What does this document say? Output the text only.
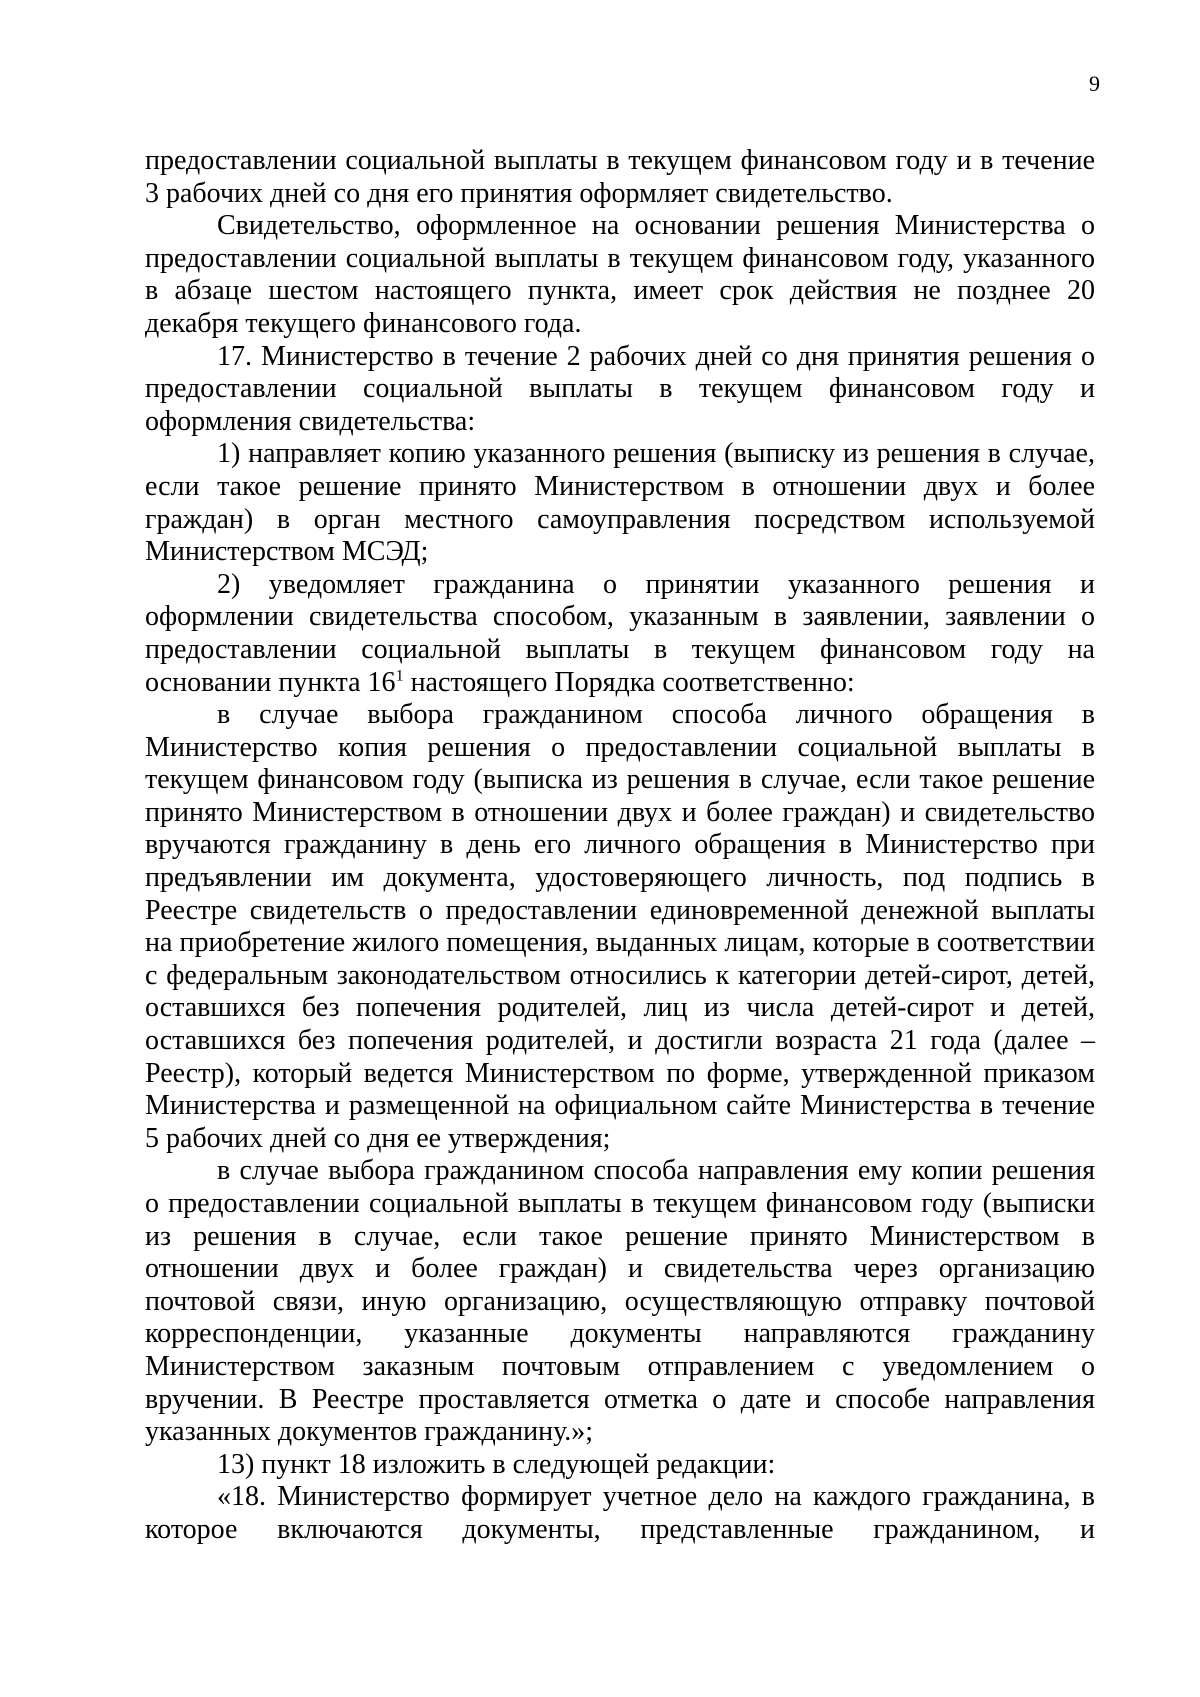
9

предоставлении социальной выплаты в текущем финансовом году и в течение 3 рабочих дней со дня его принятия оформляет свидетельство.

Свидетельство, оформленное на основании решения Министерства о предоставлении социальной выплаты в текущем финансовом году, указанного в абзаце шестом настоящего пункта, имеет срок действия не позднее 20 декабря текущего финансового года.

17. Министерство в течение 2 рабочих дней со дня принятия решения о предоставлении социальной выплаты в текущем финансовом году и оформления свидетельства:

1) направляет копию указанного решения (выписку из решения в случае, если такое решение принято Министерством в отношении двух и более граждан) в орган местного самоуправления посредством используемой Министерством МСЭД;

2) уведомляет гражданина о принятии указанного решения и оформлении свидетельства способом, указанным в заявлении, заявлении о предоставлении социальной выплаты в текущем финансовом году на основании пункта $16^1$ настоящего Порядка соответственно:

в случае выбора гражданином способа личного обращения в Министерство копия решения о предоставлении социальной выплаты в текущем финансовом году (выписка из решения в случае, если такое решение принято Министерством в отношении двух и более граждан) и свидетельство вручаются гражданину в день его личного обращения в Министерство при предъявлении им документа, удостоверяющего личность, под подпись в Реестре свидетельств о предоставлении единовременной денежной выплаты на приобретение жилого помещения, выданных лицам, которые в соответствии с федеральным законодательством относились к категории детей-сирот, детей, оставшихся без попечения родителей, лиц из числа детей-сирот и детей, оставшихся без попечения родителей, и достигли возраста 21 года (далее – Реестр), который ведется Министерством по форме, утвержденной приказом Министерства и размещенной на официальном сайте Министерства в течение 5 рабочих дней со дня ее утверждения;

в случае выбора гражданином способа направления ему копии решения о предоставлении социальной выплаты в текущем финансовом году (выписки из решения в случае, если такое решение принято Министерством в отношении двух и более граждан) и свидетельства через организацию почтовой связи, иную организацию, осуществляющую отправку почтовой корреспонденции, указанные документы направляются гражданину Министерством заказным почтовым отправлением с уведомлением о вручении. В Реестре проставляется отметка о дате и способе направления указанных документов гражданину.»;

13) пункт 18 изложить в следующей редакции:

«18. Министерство формирует учетное дело на каждого гражданина, в которое включаются документы, представленные гражданином, и
